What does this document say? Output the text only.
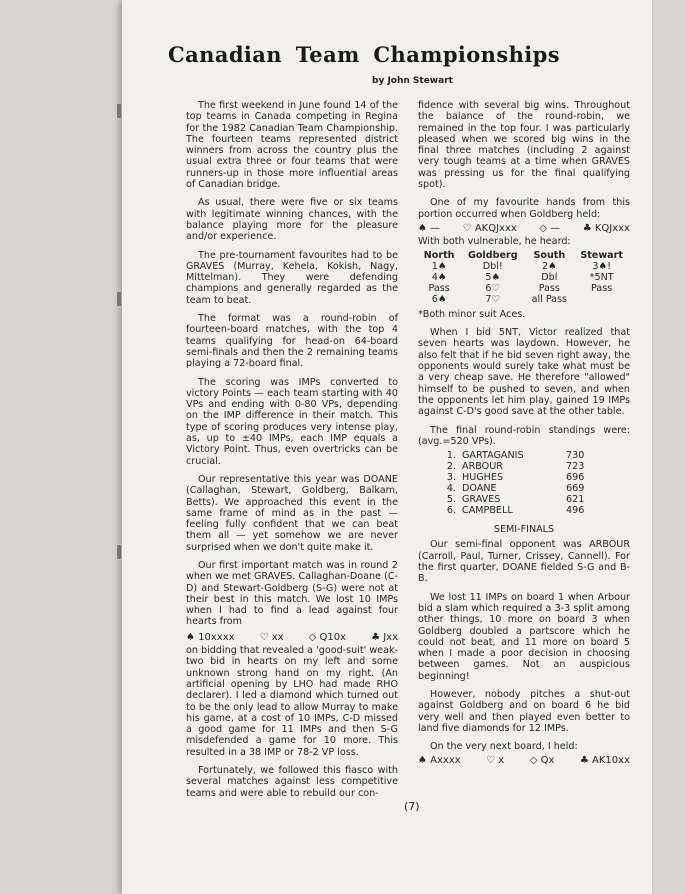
Canadian Team Championships
by John Stewart

The first weekend in June found 14 of the top teams in Canada competing in Regina for the 1982 Canadian Team Championship. The fourteen teams represented district winners from across the country plus the usual extra three or four teams that were runners-up in those more influential areas of Canadian bridge.

As usual, there were five or six teams with legitimate winning chances, with the balance playing more for the pleasure and/or experience.

The pre-tournament favourites had to be GRAVES (Murray, Kehela, Kokish, Nagy, Mittelman). They were defending champions and generally regarded as the team to beat.

The format was a round-robin of fourteen-board matches, with the top 4 teams qualifying for head-on 64-board semi-finals and then the 2 remaining teams playing a 72-board final.

The scoring was IMPs converted to victory Points — each team starting with 40 VPs and ending with 0-80 VPs, depending on the IMP difference in their match. This type of scoring produces very intense play, as, up to ±40 IMPs, each IMP equals a Victory Point. Thus, even overtricks can be crucial.

Our representative this year was DOANE (Callaghan, Stewart, Goldberg, Balkam, Betts). We approached this event in the same frame of mind as in the past — feeling fully confident that we can beat them all — yet somehow we are never surprised when we don't quite make it.

Our first important match was in round 2 when we met GRAVES. Callaghan-Doane (C-D) and Stewart-Goldberg (S-G) were not at their best in this match. We lost 10 IMPs when I had to find a lead against four hearts from

♠ 10xxxx	♡ xx	◇ Q10x	♣ Jxx

on bidding that revealed a 'good-suit' weak-two bid in hearts on my left and some unknown strong hand on my right. (An artificial opening by LHO had made RHO declarer). I led a diamond which turned out to be the only lead to allow Murray to make his game, at a cost of 10 IMPs, C-D missed a good game for 11 IMPs and then S-G misdefended a game for 10 more. This resulted in a 38 IMP or 78-2 VP loss.

Fortunately, we followed this fiasco with several matches against less competitive teams and were able to rebuild our con-

fidence with several big wins. Throughout the balance of the round-robin, we remained in the top four. I was particularly pleased when we scored big wins in the final three matches (including 2 against very tough teams at a time when GRAVES was pressing us for the final qualifying spot).

One of my favourite hands from this portion occurred when Goldberg held:

♠ — ♡ AKQJxxx ◇ — ♣ KQJxxx

With both vulnerable, he heard:

North	Goldberg	South	Stewart
1♠	Dbl!	2♠	3♠!
4♠	5♠	Dbl	*5NT
Pass	6♡	Pass	Pass
6♠	7♡	all Pass	

*Both minor suit Aces.

When I bid 5NT, Victor realized that seven hearts was laydown. However, he also felt that if he bid seven right away, the opponents would surely take what must be a very cheap save. He therefore "allowed" himself to be pushed to seven, and when the opponents let him play, gained 19 IMPs against C-D's good save at the other table.

The final round-robin standings were: (avg.=520 VPs).

1.	GARTAGANIS	730
2.	ARBOUR	723
3.	HUGHES	696
4.	DOANE	669
5.	GRAVES	621
6.	CAMPBELL	496
SEMI-FINALS

Our semi-final opponent was ARBOUR (Carroll, Paul, Turner, Crissey, Cannell). For the first quarter, DOANE fielded S-G and B-B.

We lost 11 IMPs on board 1 when Arbour bid a slam which required a 3-3 split among other things, 10 more on board 3 when Goldberg doubled a partscore which he could not beat, and 11 more on board 5 when I made a poor decision in choosing between games. Not an auspicious beginning!

However, nobody pitches a shut-out against Goldberg and on board 6 he bid very well and then played even better to land five diamonds for 12 IMPs.

On the very next board, I held:

♠ Axxxx	♡ x	◇ Qx	♣ AK10xx
(7)
